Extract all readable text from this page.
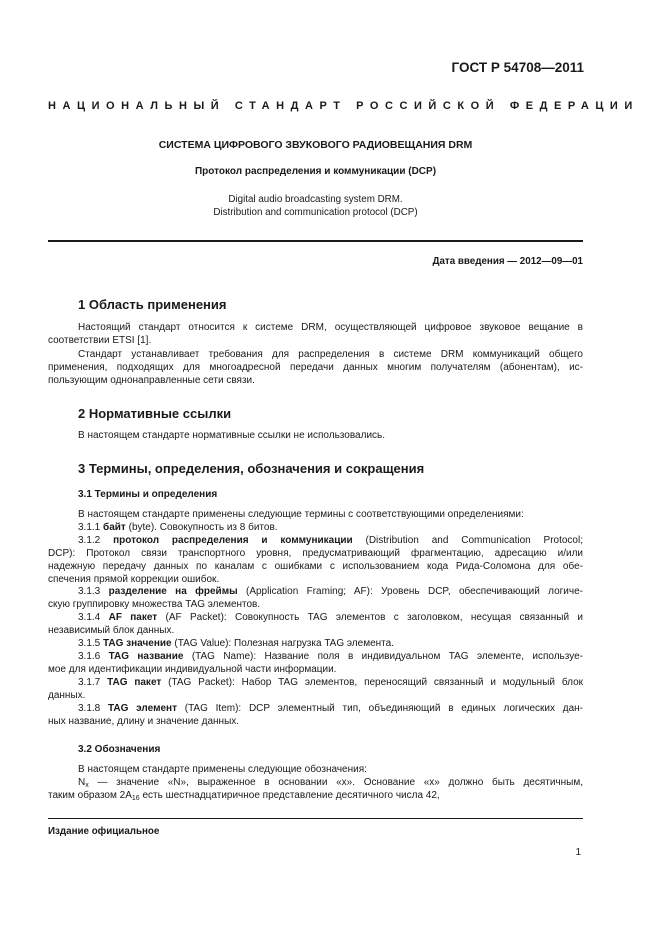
ГОСТ Р 54708—2011
НАЦИОНАЛЬНЫЙ СТАНДАРТ РОССИЙСКОЙ ФЕДЕРАЦИИ
СИСТЕМА ЦИФРОВОГО ЗВУКОВОГО РАДИОВЕЩАНИЯ DRM
Протокол распределения и коммуникации (DCP)
Digital audio broadcasting system DRM.
Distribution and communication protocol (DCP)
Дата введения — 2012—09—01
1 Область применения
Настоящий стандарт относится к системе DRM, осуществляющей цифровое звуковое вещание в
соответствии ETSI [1].
Стандарт устанавливает требования для распределения в системе DRM коммуникаций общего
применения, подходящих для многоадресной передачи данных многим получателям (абонентам), ис-
пользующим однонаправленные сети связи.
2 Нормативные ссылки
В настоящем стандарте нормативные ссылки не использовались.
3 Термины, определения, обозначения и сокращения
3.1 Термины и определения
В настоящем стандарте применены следующие термины с соответствующими определениями:
3.1.1 байт (byte). Совокупность из 8 битов.
3.1.2 протокол распределения и коммуникации (Distribution and Communication Protocol;
DCP): Протокол связи транспортного уровня, предусматривающий фрагментацию, адресацию и/или
надежную передачу данных по каналам с ошибками с использованием кода Рида-Соломона для обе-
спечения прямой коррекции ошибок.
3.1.3 разделение на фреймы (Application Framing; AF): Уровень DCP, обеспечивающий логиче-
скую группировку множества TAG элементов.
3.1.4 AF пакет (AF Packet): Совокупность TAG элементов с заголовком, несущая связанный и
независимый блок данных.
3.1.5 TAG значение (TAG Value): Полезная нагрузка TAG элемента.
3.1.6 TAG название (TAG Name): Название поля в индивидуальном TAG элементе, используе-
мое для идентификации индивидуальной части информации.
3.1.7 TAG пакет (TAG Packet): Набор TAG элементов, переносящий связанный и модульный блок
данных.
3.1.8 TAG элемент (TAG Item): DCP элементный тип, объединяющий в единых логических дан-
ных название, длину и значение данных.
3.2 Обозначения
В настоящем стандарте применены следующие обозначения:
$N_x$ — значение «N», выраженное в основании «x». Основание «x» должно быть десятичным,
таким образом $2A_{16}$ есть шестнадцатиричное представление десятичного числа 42,
Издание официальное
1
